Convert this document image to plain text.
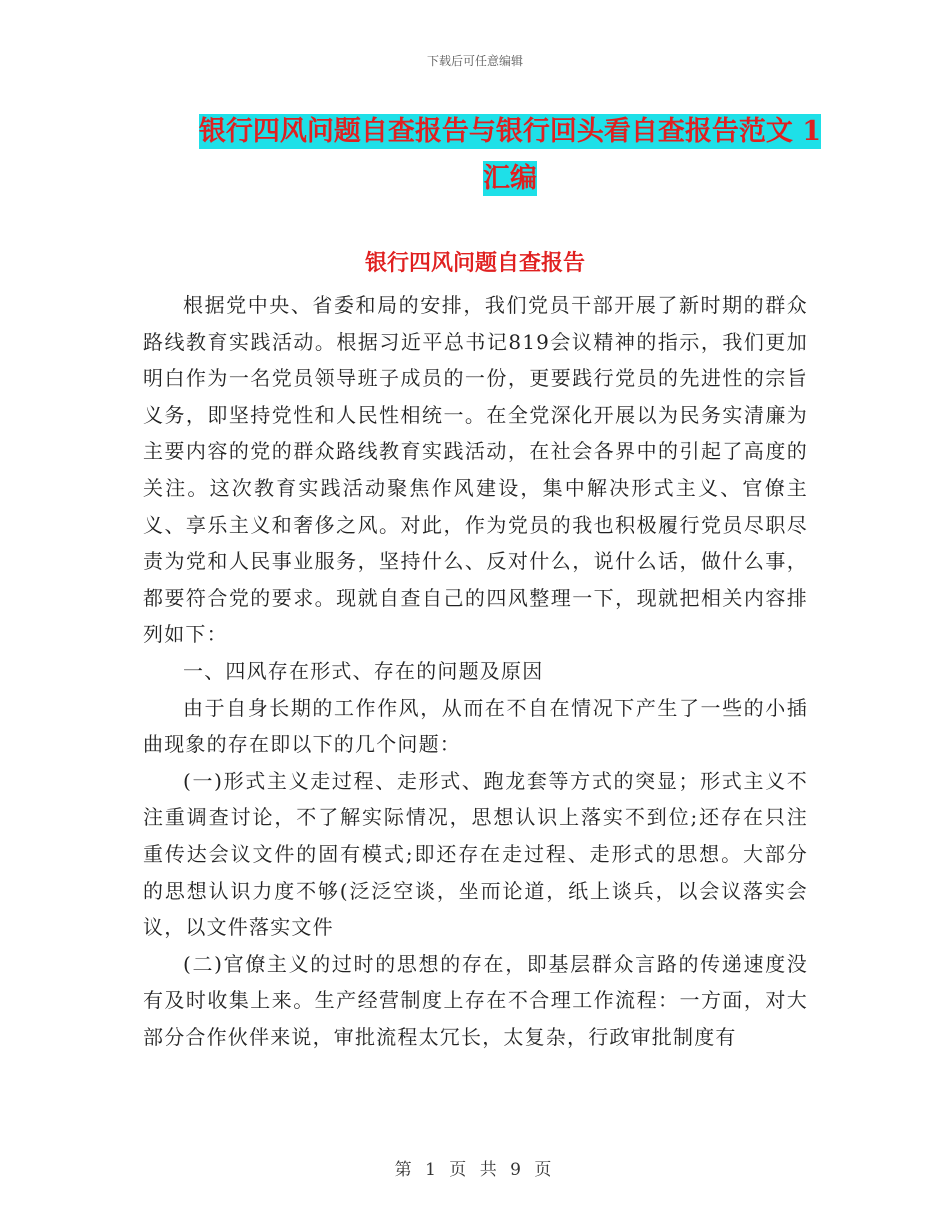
下载后可任意编辑
银行四风问题自查报告与银行回头看自查报告范文 1
汇编
银行四风问题自查报告

根据党中央、省委和局的安排，我们党员干部开展了新时期的群众路线教育实践活动。根据习近平总书记819会议精神的指示，我们更加明白作为一名党员领导班子成员的一份，更要践行党员的先进性的宗旨义务，即坚持党性和人民性相统一。在全党深化开展以为民务实清廉为主要内容的党的群众路线教育实践活动，在社会各界中的引起了高度的关注。这次教育实践活动聚焦作风建设，集中解决形式主义、官僚主义、享乐主义和奢侈之风。对此，作为党员的我也积极履行党员尽职尽责为党和人民事业服务，坚持什么、反对什么，说什么话，做什么事，都要符合党的要求。现就自查自己的四风整理一下，现就把相关内容排列如下：

一、四风存在形式、存在的问题及原因

由于自身长期的工作作风，从而在不自在情况下产生了一些的小插曲现象的存在即以下的几个问题：

(一)形式主义走过程、走形式、跑龙套等方式的突显；形式主义不注重调查讨论，不了解实际情况，思想认识上落实不到位;还存在只注重传达会议文件的固有模式;即还存在走过程、走形式的思想。大部分的思想认识力度不够(泛泛空谈，坐而论道，纸上谈兵，以会议落实会议，以文件落实文件

(二)官僚主义的过时的思想的存在，即基层群众言路的传递速度没有及时收集上来。生产经营制度上存在不合理工作流程：一方面，对大部分合作伙伴来说，审批流程太冗长，太复杂，行政审批制度有

第 1 页 共 9 页
